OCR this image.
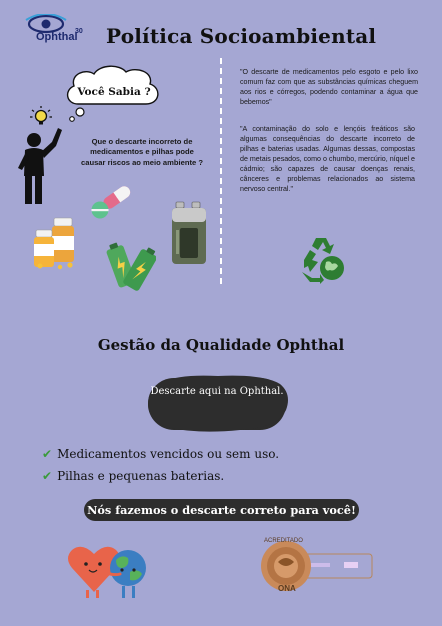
Ophthal
30 Política Socioambiental
Você Sabia ?
Que o descarte incorreto de medicamentos e pilhas pode causar riscos ao meio ambiente ?
"O descarte de medicamentos pelo esgoto e pelo lixo comum faz com que as substâncias químicas cheguem aos rios e córregos, podendo contaminar a água que bebemos"
"A contaminação do solo e lençóis freáticos são algumas consequências do descarte incorreto de pilhas e baterias usadas. Algumas dessas, compostas de metais pesados, como o chumbo, mercúrio, níquel e cádmio; são capazes de causar doenças renais, cânceres e problemas relacionados ao sistema nervoso central."
Gestão da Qualidade Ophthal
Descarte aqui na Ophthal.
✔ Medicamentos vencidos ou sem uso.
✔ Pilhas e pequenas baterias.
Nós fazemos o descarte correto para você!
ACREDITADO
ONA
